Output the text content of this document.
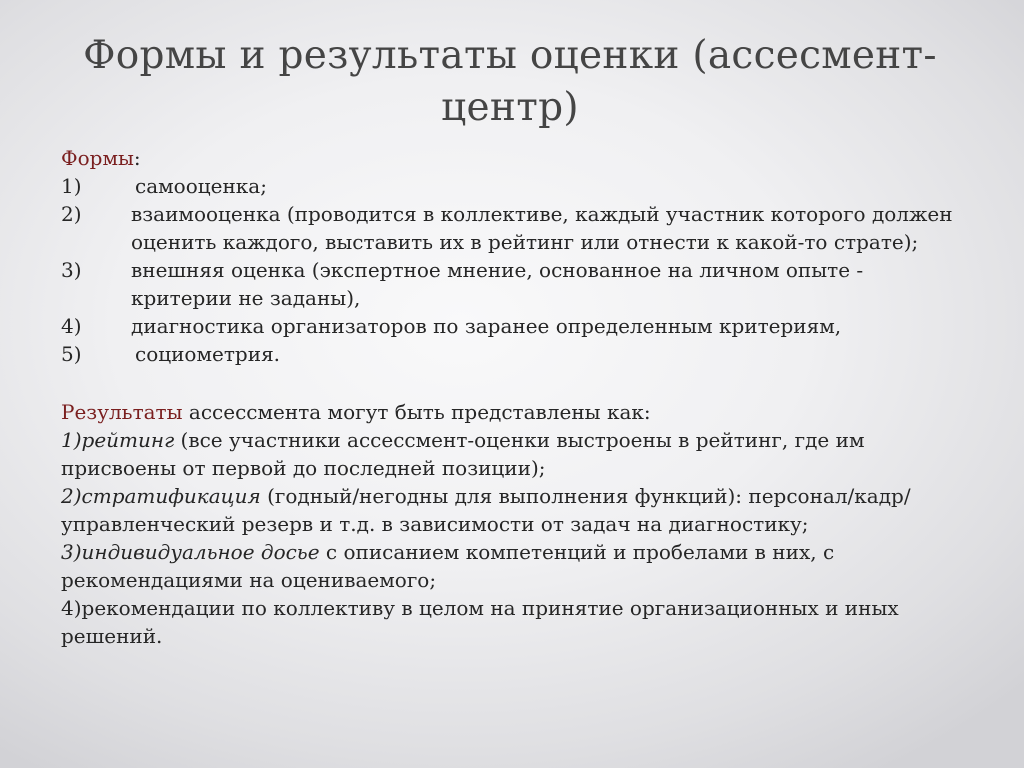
Формы и результаты оценки (ассесмент-центр)
Формы:
1)	самооценка;
2)	взаимооценка (проводится в коллективе, каждый участник которого должен оценить каждого, выставить их в рейтинг или отнести к какой-то страте);
3)	внешняя оценка (экспертное мнение, основанное на личном опыте - критерии не заданы),
4)	диагностика организаторов по заранее определенным критериям,
5)	социометрия.
Результаты ассессмента могут быть представлены как:
1)рейтинг (все участники ассессмент-оценки выстроены в рейтинг, где им присвоены от первой до последней позиции);
2)стратификация (годный/негодны для выполнения функций): персонал/кадр/управленческий резерв и т.д. в зависимости от задач на диагностику;
3)индивидуальное досье с описанием компетенций и пробелами в них, с рекомендациями на оцениваемого;
4)рекомендации по коллективу в целом на принятие организационных и иных решений.
